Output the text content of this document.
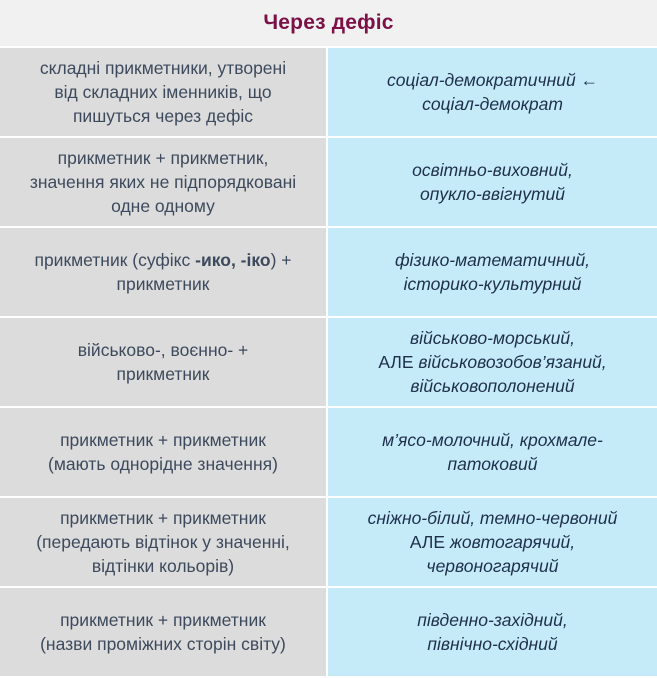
Через дефіс
складні прикметники, утворені
від складних іменників, що
пишуться через дефіс
соціал-демократичний ←
соціал-демократ
прикметник + прикметник,
значення яких не підпорядковані
одне одному
освітньо-виховний,
опукло-ввігнутий
прикметник (суфікс -ико, -іко) +
прикметник
фізико-математичний,
історико-культурний
військово-, воєнно- +
прикметник
військово-морський,
АЛЕ військовозобов’язаний,
військовополонений
прикметник + прикметник
(мають однорідне значення)
м’ясо-молочний, крохмале-
патоковий
прикметник + прикметник
(передають відтінок у значенні,
відтінки кольорів)
сніжно-білий, темно-червоний
АЛЕ жовтогарячий,
червоногарячий
прикметник + прикметник
(назви проміжних сторін світу)
південно-західний,
північно-східний
